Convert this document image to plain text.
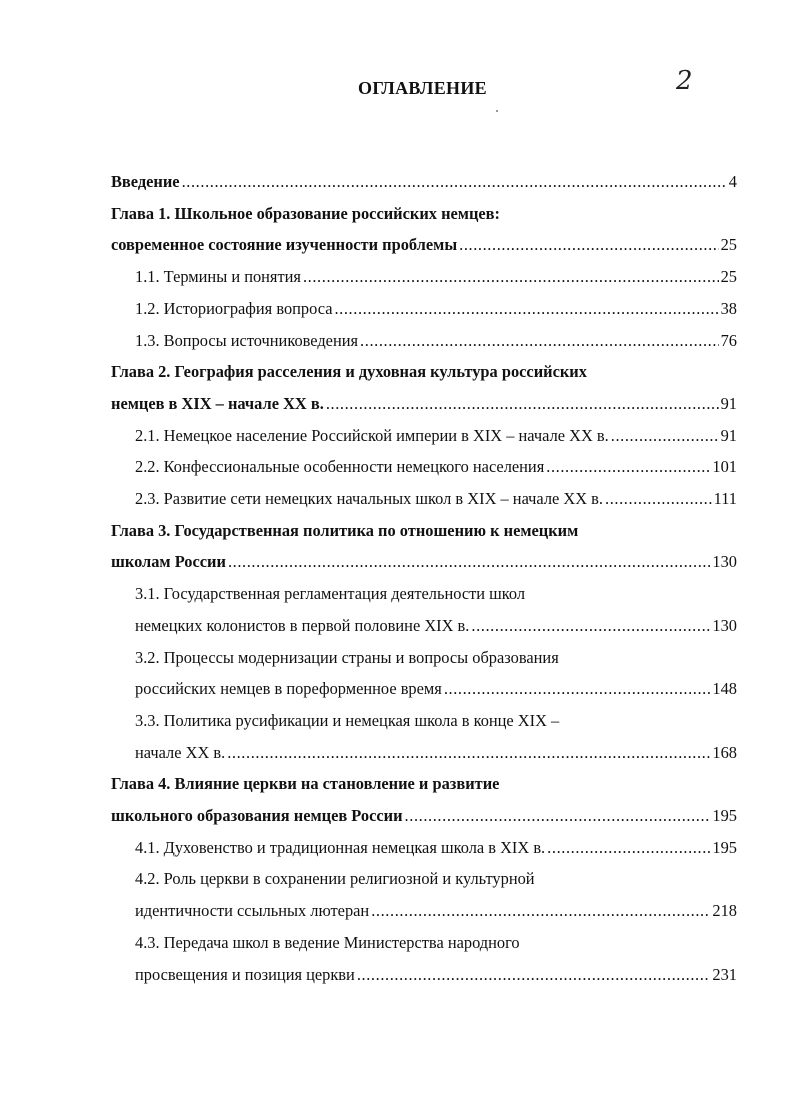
2
ОГЛАВЛЕНИЕ
Введение .....	4
Глава 1. Школьное образование российских немцев:
современное состояние изученности проблемы .....	25
1.1. Термины и понятия .....	25
1.2. Историография вопроса .....	38
1.3. Вопросы источниковедения .....	76
Глава 2. География расселения и духовная культура российских
немцев в XIX – начале XX в. .....	91
2.1. Немецкое население Российской империи в XIX – начале XX в. .....	91
2.2. Конфессиональные особенности немецкого населения .....	101
2.3. Развитие сети немецких начальных школ в XIX – начале XX в. .....	111
Глава 3. Государственная политика по отношению к немецким
школам России .....	130
3.1. Государственная регламентация деятельности школ
немецких колонистов в первой половине XIX в. .....	130
3.2. Процессы модернизации страны и вопросы образования
российских немцев в пореформенное время .....	148
3.3. Политика русификации и немецкая школа в конце XIX –
начале XX в. .....	168
Глава 4. Влияние церкви на становление и развитие
школьного образования немцев России .....	195
4.1. Духовенство и традиционная немецкая школа в XIX в. .....	195
4.2. Роль церкви в сохранении религиозной и культурной
идентичности ссыльных лютеран .....	218
4.3. Передача школ в ведение Министерства народного
просвещения и позиция церкви .....	231
